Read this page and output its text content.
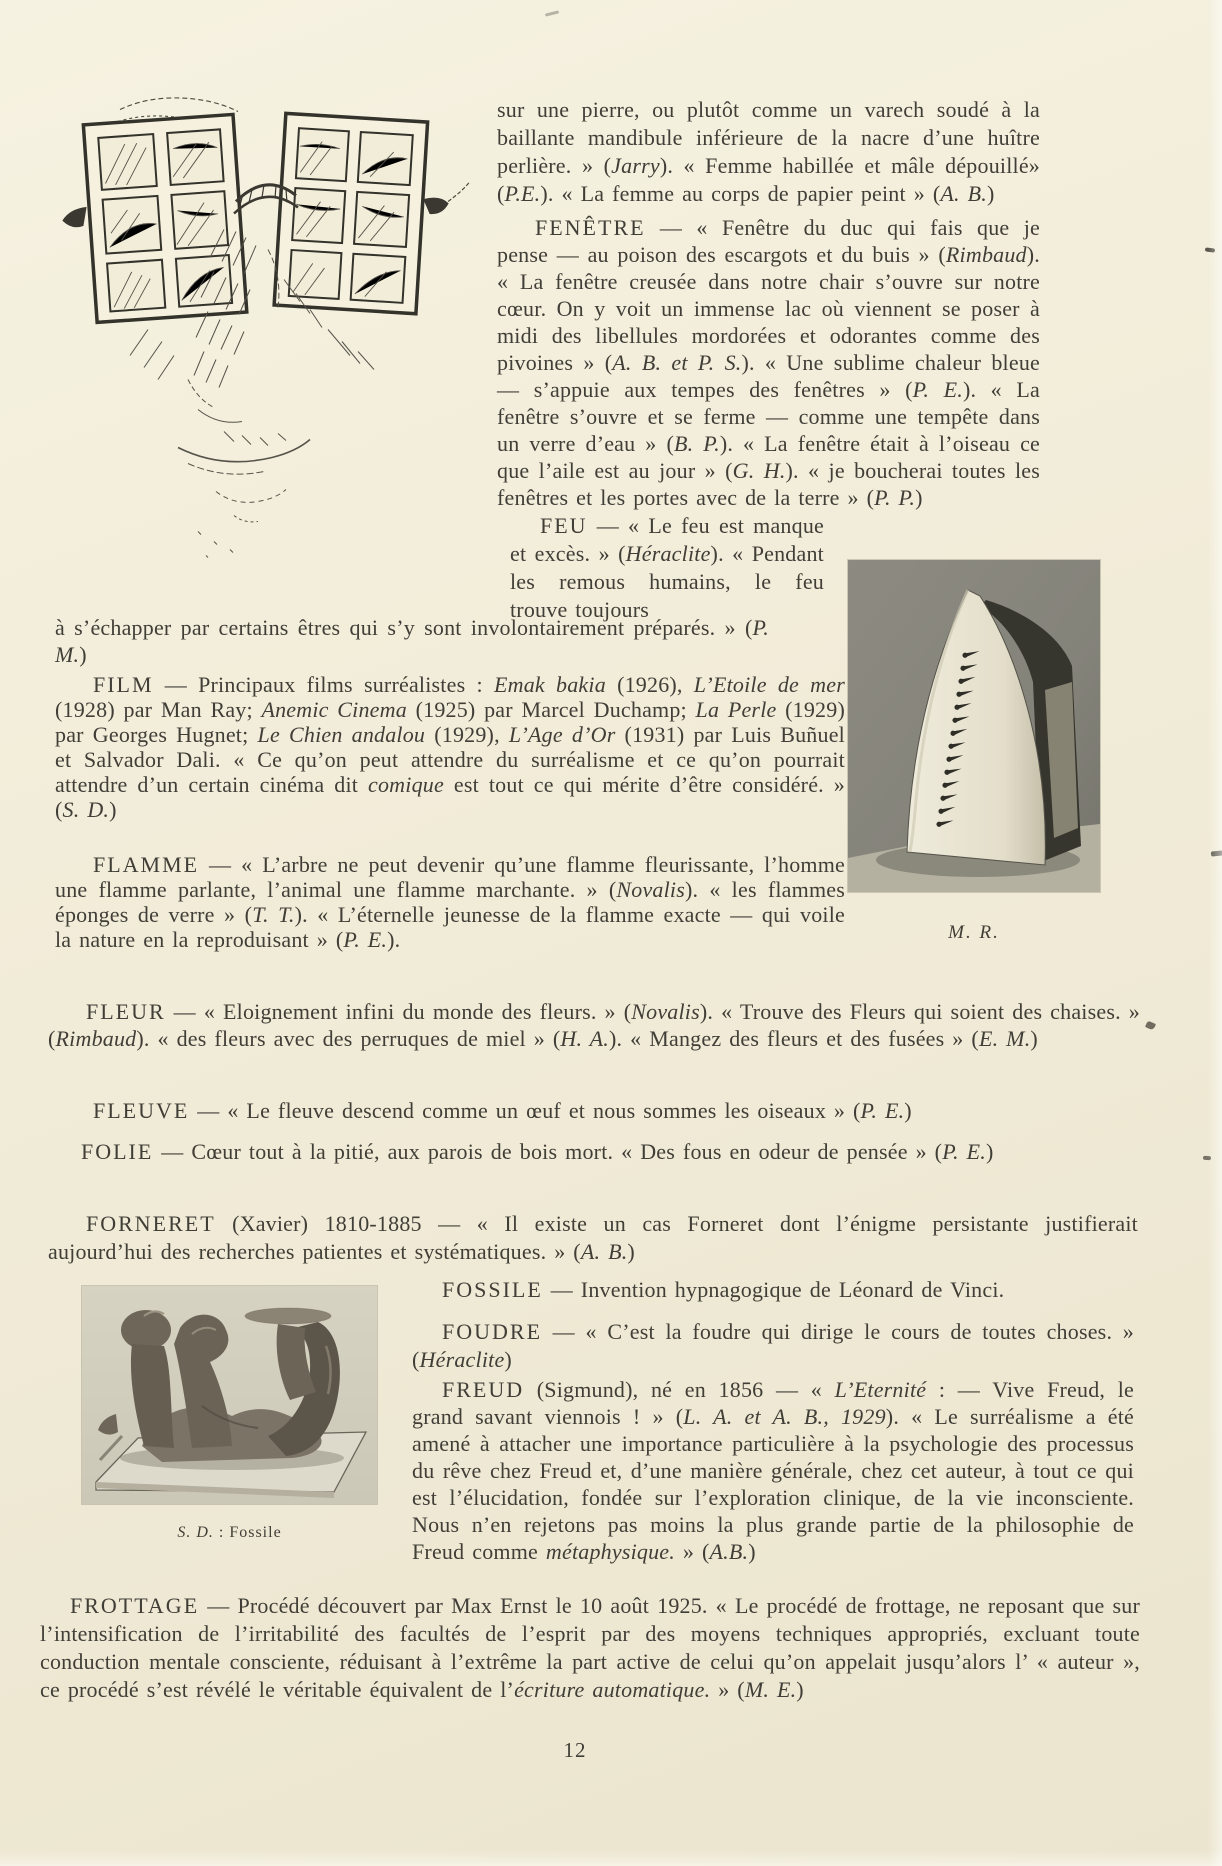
M. R.
S. D. : Fossile

sur une pierre, ou plutôt comme un varech soudé à la baillante mandibule inférieure de la nacre d’une huître perlière. » (Jarry). « Femme habillée et mâle dépouillé» (P.E.). « La femme au corps de papier peint » (A. B.)

FENÊTRE — « Fenêtre du duc qui fais que je pense — au poison des escargots et du buis » (Rimbaud). « La fenêtre creusée dans notre chair s’ouvre sur notre cœur. On y voit un immense lac où viennent se poser à midi des libellules mordorées et odorantes comme des pivoines » (A. B. et P. S.). « Une sublime chaleur bleue — s’appuie aux tempes des fenêtres » (P. E.). « La fenêtre s’ouvre et se ferme — comme une tempête dans un verre d’eau » (B. P.). « La fenêtre était à l’oiseau ce que l’aile est au jour » (G. H.). « je boucherai toutes les fenêtres et les portes avec de la terre » (P. P.)

FEU — « Le feu est manque et excès. » (Héraclite). « Pendant les remous humains, le feu trouve toujours

à s’échapper par certains êtres qui s’y sont involontairement préparés. » (P. M.)

FILM — Principaux films surréalistes : Emak bakia (1926), L’Etoile de mer (1928) par Man Ray; Anemic Cinema (1925) par Marcel Duchamp; La Perle (1929) par Georges Hugnet; Le Chien andalou (1929), L’Age d’Or (1931) par Luis Buñuel et Salvador Dali. « Ce qu’on peut attendre du surréalisme et ce qu’on pourrait attendre d’un certain cinéma dit comique est tout ce qui mérite d’être considéré. » (S. D.)

FLAMME — « L’arbre ne peut devenir qu’une flamme fleurissante, l’homme une flamme parlante, l’animal une flamme marchante. » (Novalis). « les flammes éponges de verre » (T. T.). « L’éternelle jeunesse de la flamme exacte — qui voile la nature en la reproduisant » (P. E.).

FLEUR — « Eloignement infini du monde des fleurs. » (Novalis). « Trouve des Fleurs qui soient des chaises. » (Rimbaud). « des fleurs avec des perruques de miel » (H. A.). « Mangez des fleurs et des fusées » (E. M.)

FLEUVE — « Le fleuve descend comme un œuf et nous sommes les oiseaux » (P. E.)

FOLIE — Cœur tout à la pitié, aux parois de bois mort. « Des fous en odeur de pensée » (P. E.)

FORNERET (Xavier) 1810-1885 — « Il existe un cas Forneret dont l’énigme persistante justifierait aujourd’hui des recherches patientes et systématiques. » (A. B.)

FOSSILE — Invention hypnagogique de Léonard de Vinci.

FOUDRE — « C’est la foudre qui dirige le cours de toutes choses. » (Héraclite)

FREUD (Sigmund), né en 1856 — « L’Eternité : — Vive Freud, le grand savant viennois ! » (L. A. et A. B., 1929). « Le surréalisme a été amené à attacher une importance particulière à la psychologie des processus du rêve chez Freud et, d’une manière générale, chez cet auteur, à tout ce qui est l’élucidation, fondée sur l’exploration clinique, de la vie inconsciente. Nous n’en rejetons pas moins la plus grande partie de la philosophie de Freud comme métaphysique. » (A.B.)

FROTTAGE — Procédé découvert par Max Ernst le 10 août 1925. « Le procédé de frottage, ne reposant que sur l’intensification de l’irritabilité des facultés de l’esprit par des moyens techniques appropriés, excluant toute conduction mentale consciente, réduisant à l’extrême la part active de celui qu’on appelait jusqu’alors l’ « auteur », ce procédé s’est révélé le véritable équivalent de l’écriture automatique. » (M. E.)

12
